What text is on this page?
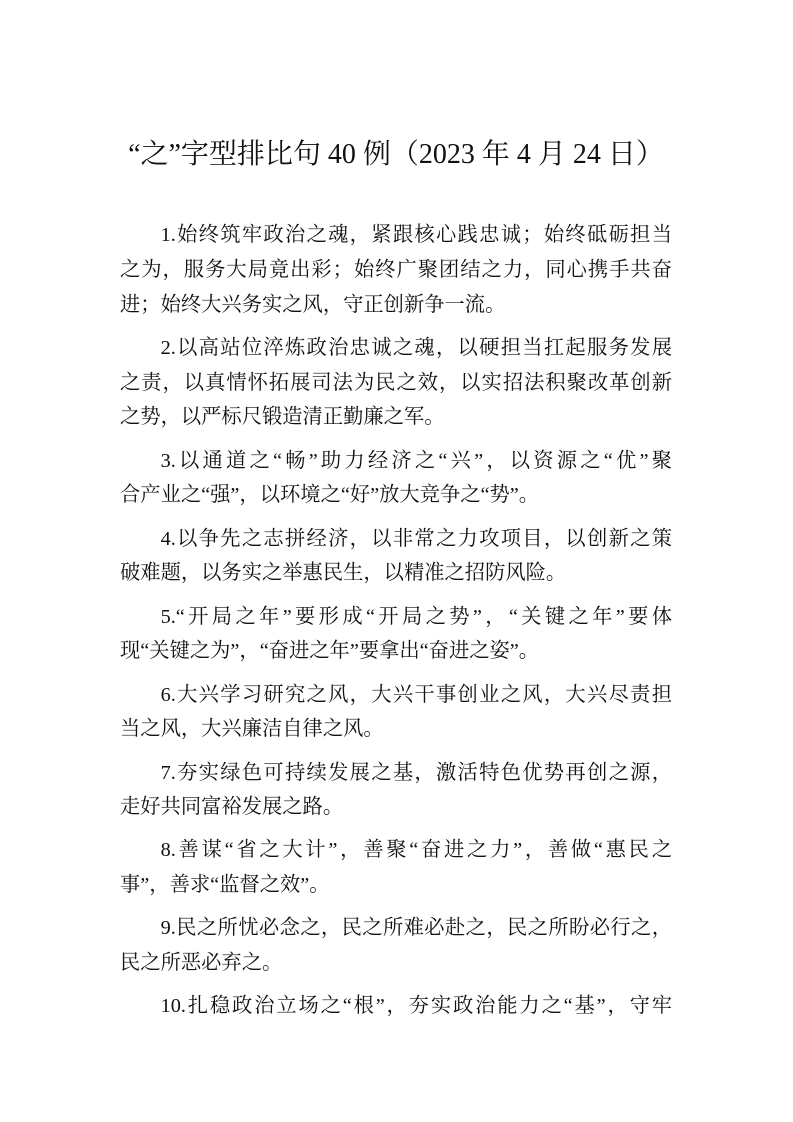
“之”字型排比句 40 例（2023 年 4 月 24 日）

1.始终筑牢政治之魂，紧跟核心践忠诚；始终砥砺担当
之为，服务大局竟出彩；始终广聚团结之力，同心携手共奋
进；始终大兴务实之风，守正创新争一流。

2.以高站位淬炼政治忠诚之魂，以硬担当扛起服务发展
之责，以真情怀拓展司法为民之效，以实招法积聚改革创新
之势，以严标尺锻造清正勤廉之军。

3.以通道之“畅”助力经济之“兴”，以资源之“优”聚
合产业之“强”，以环境之“好”放大竞争之“势”。

4.以争先之志拼经济，以非常之力攻项目，以创新之策
破难题，以务实之举惠民生，以精准之招防风险。

5.“开局之年”要形成“开局之势”，“关键之年”要体
现“关键之为”，“奋进之年”要拿出“奋进之姿”。

6.大兴学习研究之风，大兴干事创业之风，大兴尽责担
当之风，大兴廉洁自律之风。

7.夯实绿色可持续发展之基，激活特色优势再创之源，
走好共同富裕发展之路。

8.善谋“省之大计”，善聚“奋进之力”，善做“惠民之
事”，善求“监督之效”。

9.民之所忧必念之，民之所难必赴之，民之所盼必行之，
民之所恶必弃之。

10.扎稳政治立场之“根”，夯实政治能力之“基”，守牢
